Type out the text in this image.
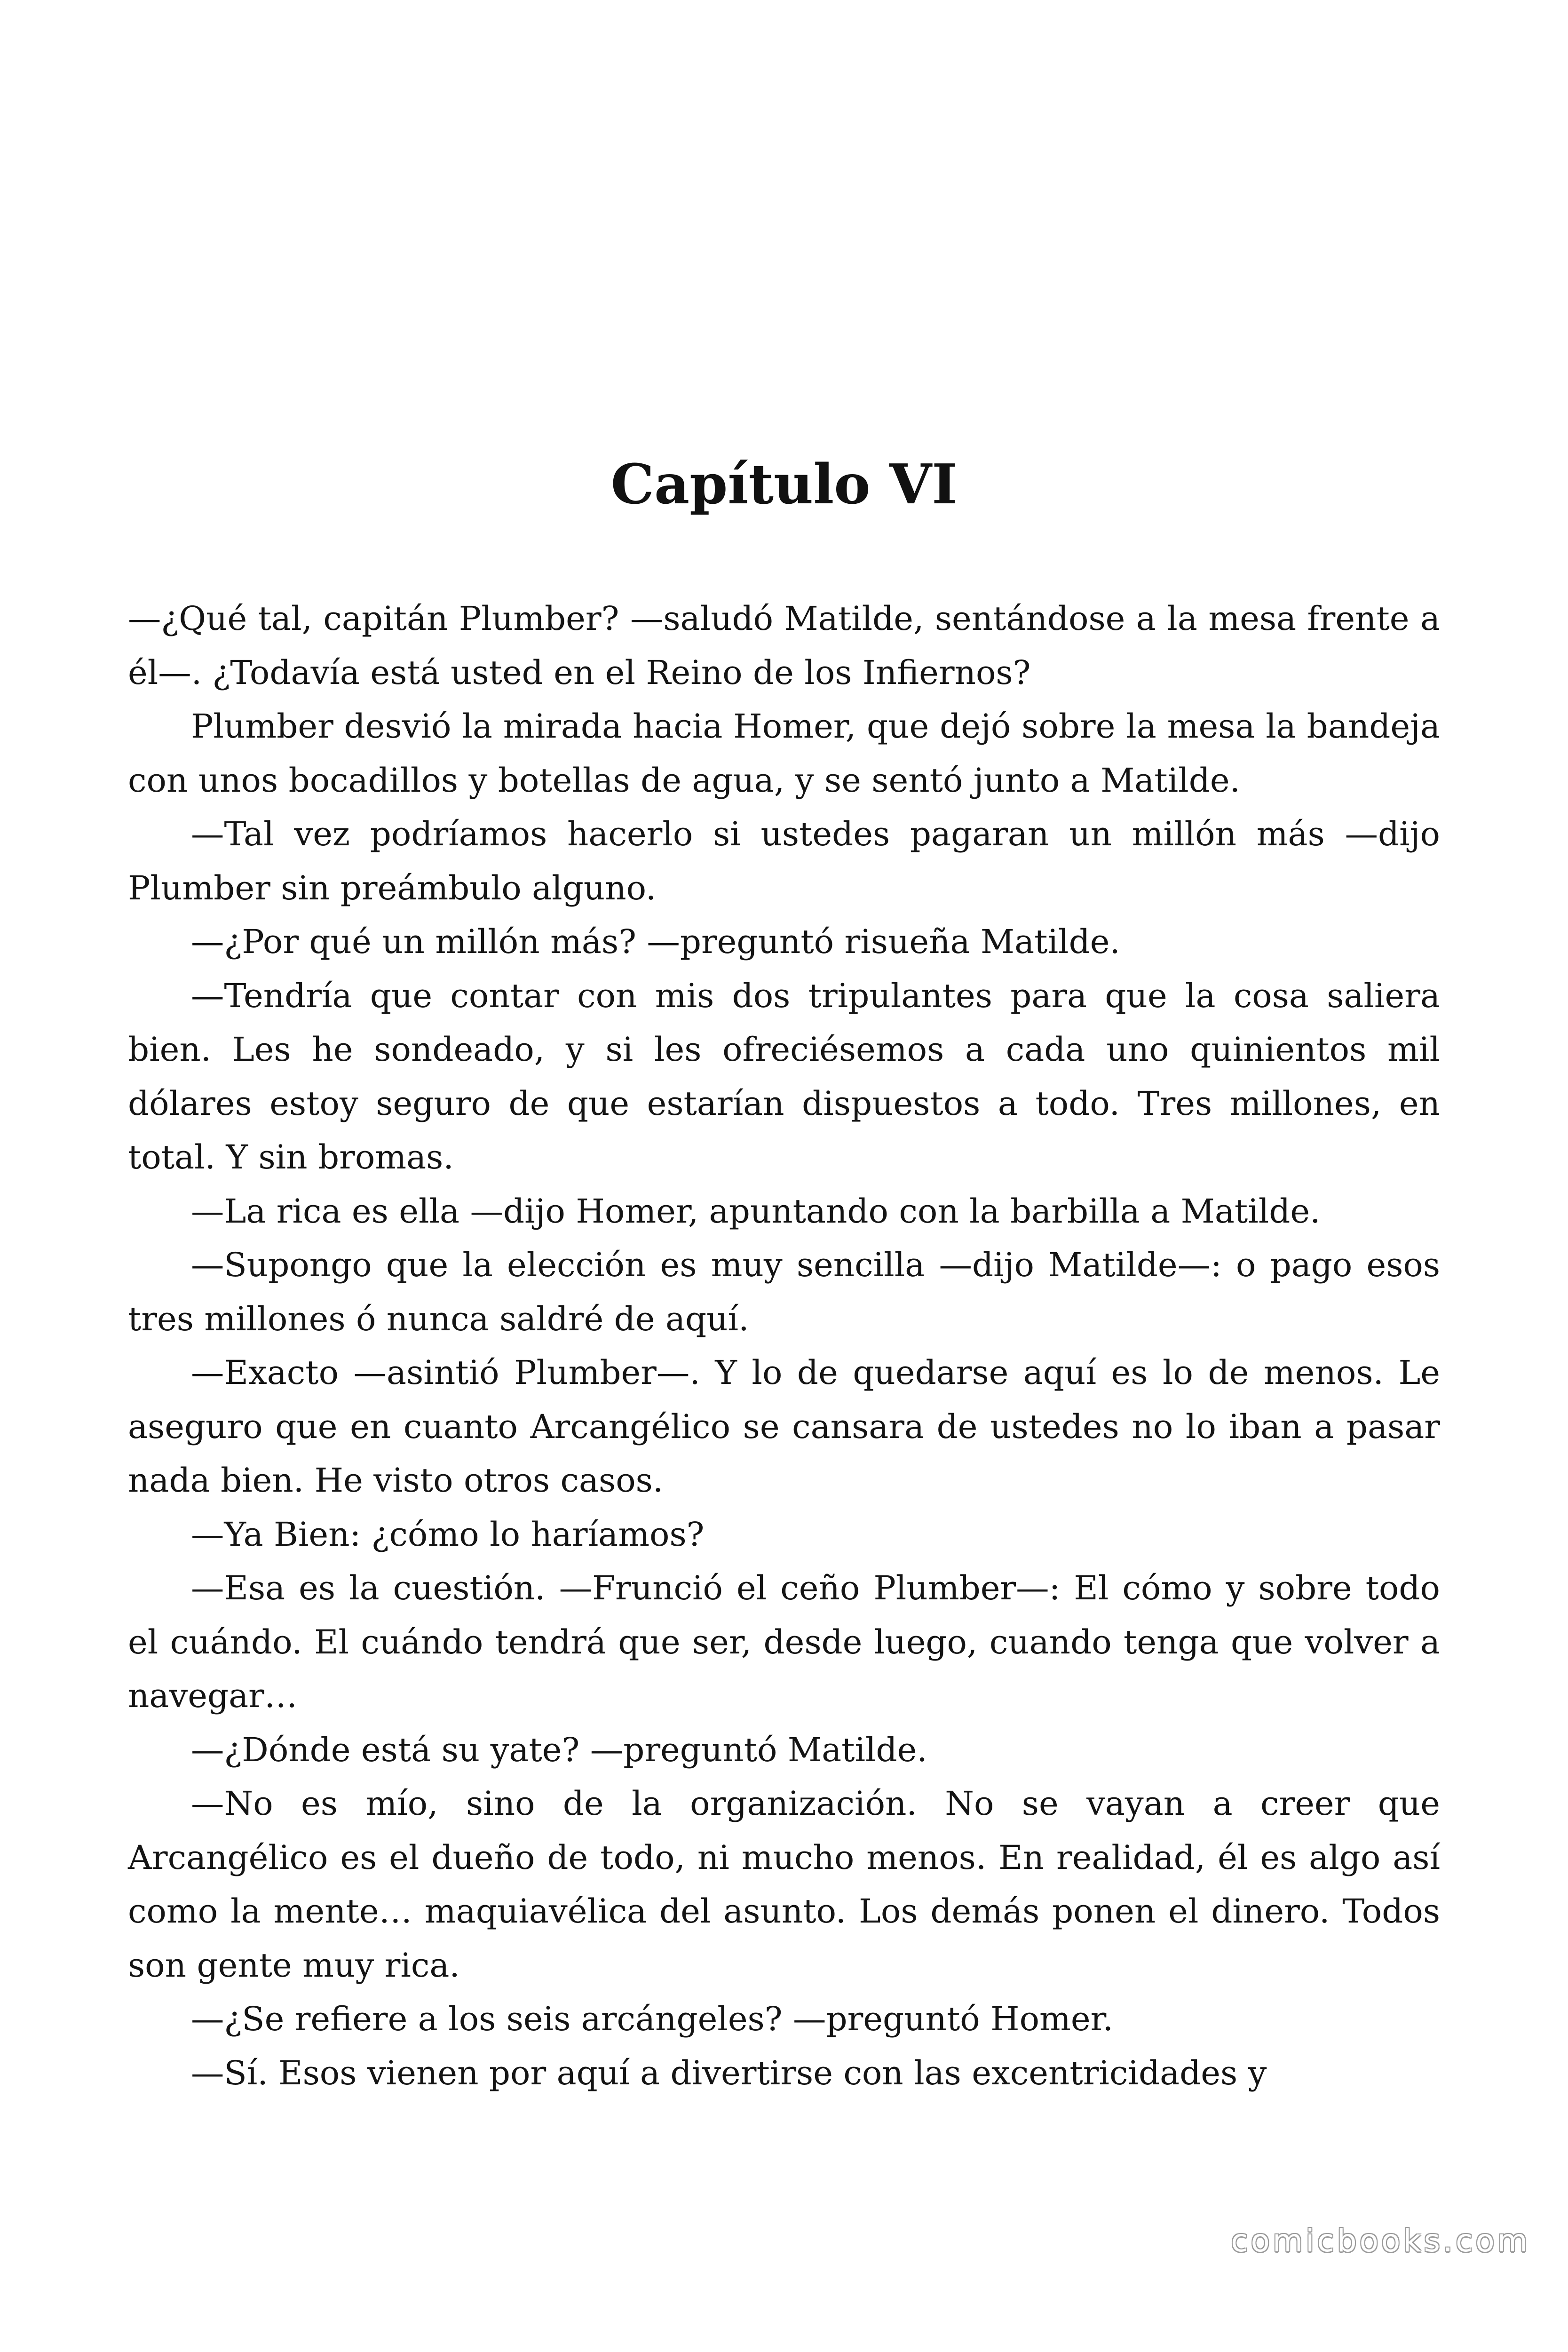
Capítulo VI

—¿Qué tal, capitán Plumber? —saludó Matilde, sentándose a la mesa frente a él—. ¿Todavía está usted en el Reino de los Infiernos?

Plumber desvió la mirada hacia Homer, que dejó sobre la mesa la bandeja con unos bocadillos y botellas de agua, y se sentó junto a Matilde.

—Tal vez podríamos hacerlo si ustedes pagaran un millón más —dijo Plumber sin preámbulo alguno.

—¿Por qué un millón más? —preguntó risueña Matilde.

—Tendría que contar con mis dos tripulantes para que la cosa saliera bien. Les he sondeado, y si les ofreciésemos a cada uno quinientos mil dólares estoy seguro de que estarían dispuestos a todo. Tres millones, en total. Y sin bromas.

—La rica es ella —dijo Homer, apuntando con la barbilla a Matilde.

—Supongo que la elección es muy sencilla —dijo Matilde—: o pago esos tres millones ó nunca saldré de aquí.

—Exacto —asintió Plumber—. Y lo de quedarse aquí es lo de menos. Le aseguro que en cuanto Arcangélico se cansara de ustedes no lo iban a pasar nada bien. He visto otros casos.

—Ya Bien: ¿cómo lo haríamos?

—Esa es la cuestión. —Frunció el ceño Plumber—: El cómo y sobre todo el cuándo. El cuándo tendrá que ser, desde luego, cuando tenga que volver a navegar…

—¿Dónde está su yate? —preguntó Matilde.

—No es mío, sino de la organización. No se vayan a creer que Arcangélico es el dueño de todo, ni mucho menos. En realidad, él es algo así como la mente… maquiavélica del asunto. Los demás ponen el dinero. Todos son gente muy rica.

—¿Se refiere a los seis arcángeles? —preguntó Homer.

—Sí. Esos vienen por aquí a divertirse con las excentricidades y

comicbooks.com
